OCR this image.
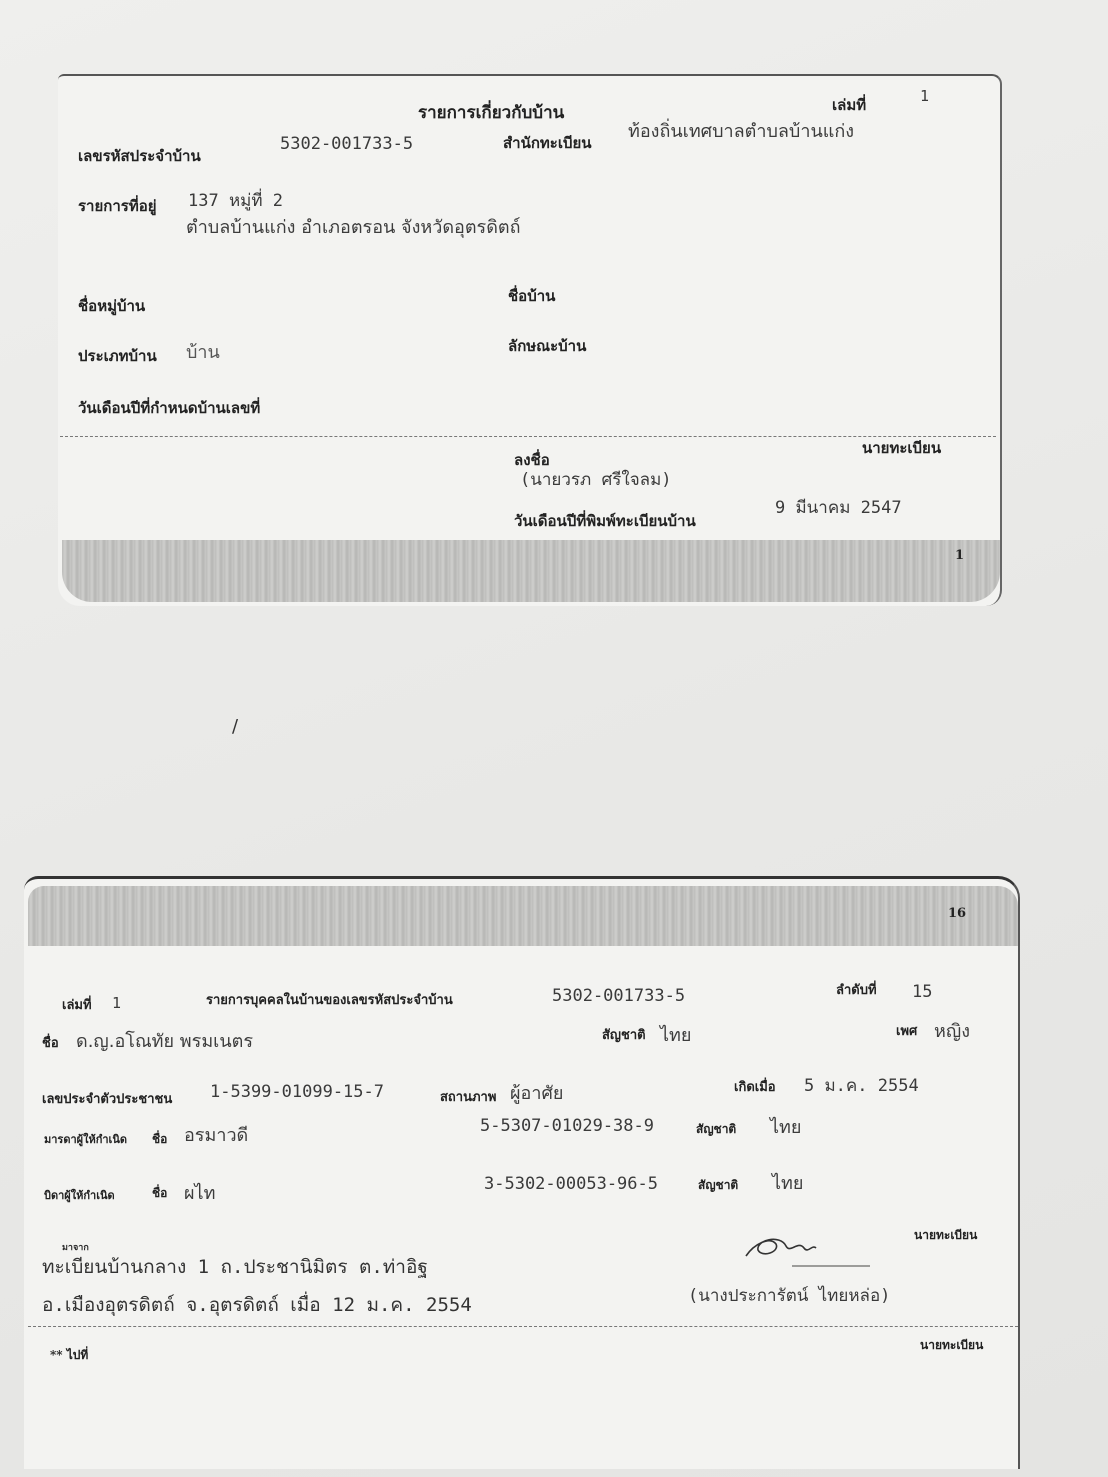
รายการเกี่ยวกับบ้าน	เล่มที่	1
เลขรหัสประจำบ้าน
5302-001733-5	สำนักทะเบียน
ท้องถิ่นเทศบาลตำบลบ้านแก่ง
รายการที่อยู่ 137 หมู่ที่ 2
ตำบลบ้านแก่ง อำเภอตรอน จังหวัดอุตรดิตถ์
ชื่อบ้าน
ชื่อหมู่บ้าน
ประเภทบ้าน บ้าน	ลักษณะบ้าน
วันเดือนปีที่กำหนดบ้านเลขที่
นายทะเบียน
ลงชื่อ
(นายวรภ ศรีใจลม)
วันเดือนปีที่พิมพ์ทะเบียนบ้าน
9 มีนาคม 2547
1
/
16
เล่มที่ 1	รายการบุคคลในบ้านของเลขรหัสประจำบ้าน	5302-001733-5	ลำดับที่ 15
ชื่อ ด.ญ.อโณทัย พรมเนตร	สัญชาติ ไทย	เพศ หญิง
เลขประจำตัวประชาชน 1-5399-01099-15-7	สถานภาพ ผู้อาศัย	เกิดเมื่อ 5 ม.ค. 2554
มารดาผู้ให้กำเนิด ชื่อ อรมาวดี	5-5307-01029-38-9	สัญชาติ ไทย
บิดาผู้ให้กำเนิด	ชื่อ ผไท	3-5302-00053-96-5	สัญชาติ ไทย
มาจาก
ทะเบียนบ้านกลาง 1 ถ.ประชานิมิตร ต.ท่าอิฐ
อ.เมืองอุตรดิตถ์ จ.อุตรดิตถ์ เมื่อ 12 ม.ค. 2554
นายทะเบียน
(นางประการัตน์ ไทยหล่อ)
** ไปที่
นายทะเบียน
